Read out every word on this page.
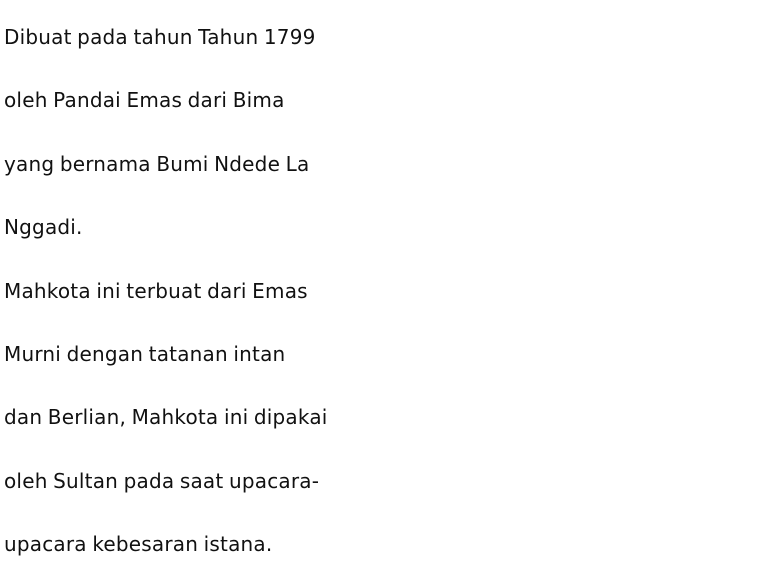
Dibuat pada tahun Tahun 1799
oleh Pandai Emas dari Bima
yang bernama Bumi Ndede La
Nggadi.
Mahkota ini terbuat dari Emas
Murni dengan tatanan intan
dan Berlian, Mahkota ini dipakai
oleh Sultan pada saat upacara-
upacara kebesaran istana.
